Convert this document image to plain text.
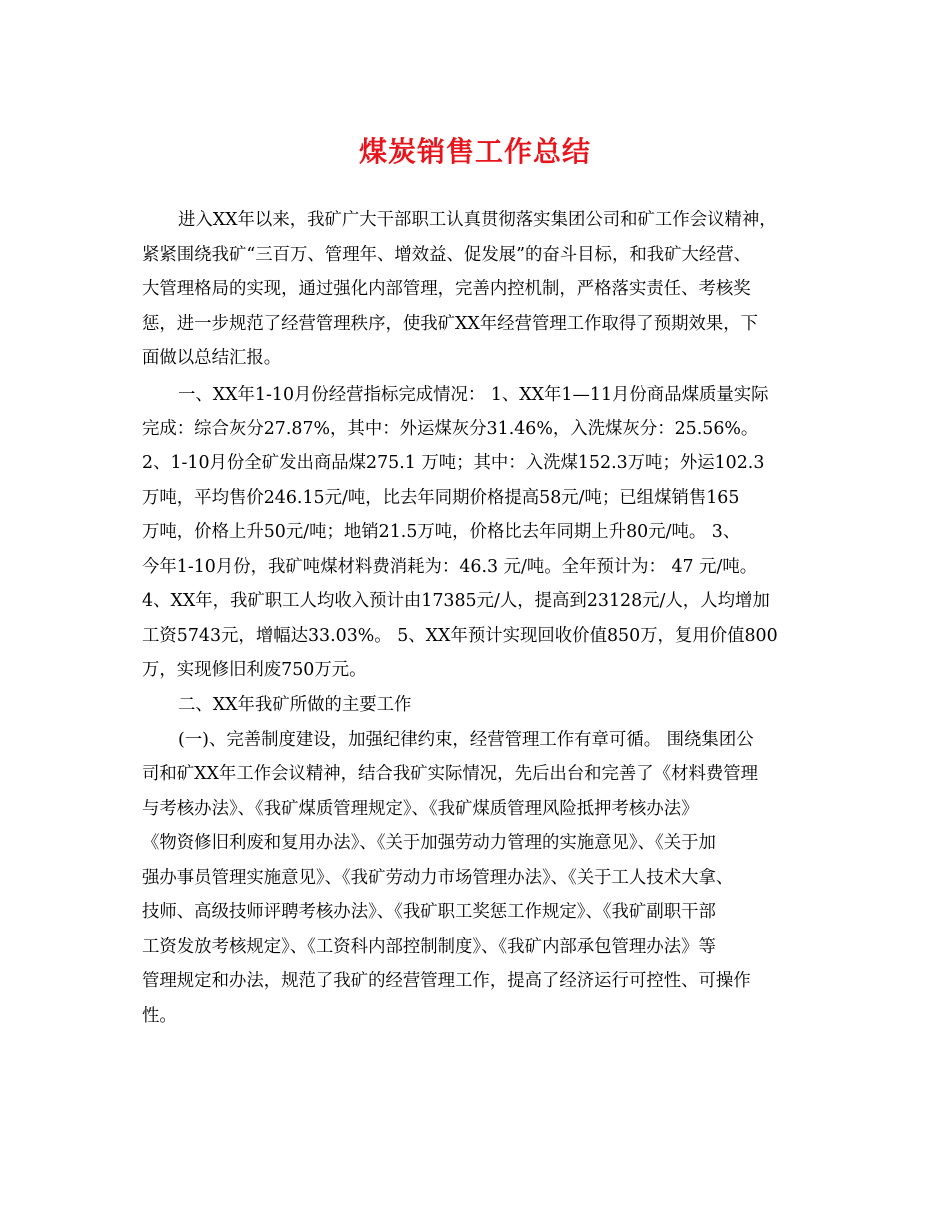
煤炭销售工作总结
进入XX年以来，我矿广大干部职工认真贯彻落实集团公司和矿工作会议精神，
紧紧围绕我矿“三百万、管理年、增效益、促发展”的奋斗目标，和我矿大经营、
大管理格局的实现，通过强化内部管理，完善内控机制，严格落实责任、考核奖
惩，进一步规范了经营管理秩序，使我矿XX年经营管理工作取得了预期效果，下
面做以总结汇报。
一、XX年1-10月份经营指标完成情况： 1、XX年1—11月份商品煤质量实际
完成：综合灰分27.87%，其中：外运煤灰分31.46%，入洗煤灰分：25.56%。
2、1-10月份全矿发出商品煤275.1 万吨；其中：入洗煤152.3万吨；外运102.3
万吨，平均售价246.15元/吨，比去年同期价格提高58元/吨；已组煤销售165
万吨，价格上升50元/吨；地销21.5万吨，价格比去年同期上升80元/吨。 3、
今年1-10月份，我矿吨煤材料费消耗为：46.3 元/吨。全年预计为： 47 元/吨。
4、XX年，我矿职工人均收入预计由17385元/人，提高到23128元/人，人均增加
工资5743元，增幅达33.03%。 5、XX年预计实现回收价值850万，复用价值800
万，实现修旧利废750万元。
二、XX年我矿所做的主要工作
(一)、完善制度建设，加强纪律约束，经营管理工作有章可循。 围绕集团公
司和矿XX年工作会议精神，结合我矿实际情况，先后出台和完善了《材料费管理
与考核办法》、《我矿煤质管理规定》、《我矿煤质管理风险抵押考核办法》
《物资修旧利废和复用办法》、《关于加强劳动力管理的实施意见》、《关于加
强办事员管理实施意见》、《我矿劳动力市场管理办法》、《关于工人技术大拿、
技师、高级技师评聘考核办法》、《我矿职工奖惩工作规定》、《我矿副职干部
工资发放考核规定》、《工资科内部控制制度》、《我矿内部承包管理办法》等
管理规定和办法，规范了我矿的经营管理工作，提高了经济运行可控性、可操作
性。
